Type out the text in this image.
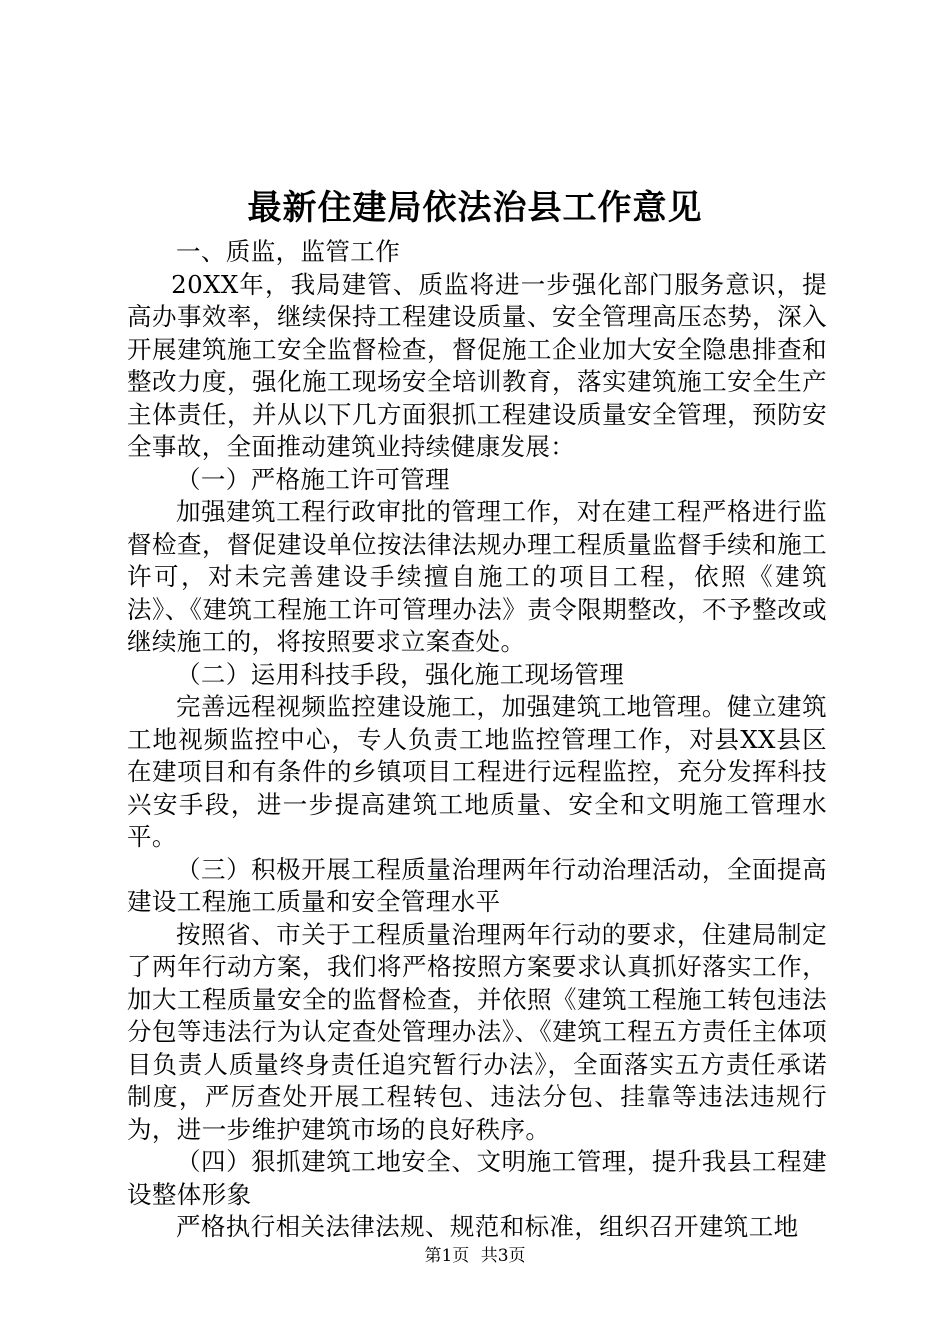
最新住建局依法治县工作意见

一、质监，监管工作

20XX年，我局建管、质监将进一步强化部门服务意识，提高办事效率，继续保持工程建设质量、安全管理高压态势，深入开展建筑施工安全监督检查，督促施工企业加大安全隐患排查和整改力度，强化施工现场安全培训教育，落实建筑施工安全生产主体责任，并从以下几方面狠抓工程建设质量安全管理，预防安全事故，全面推动建筑业持续健康发展：

（一）严格施工许可管理

加强建筑工程行政审批的管理工作，对在建工程严格进行监督检查，督促建设单位按法律法规办理工程质量监督手续和施工许可，对未完善建设手续擅自施工的项目工程，依照《建筑法》、《建筑工程施工许可管理办法》责令限期整改，不予整改或继续施工的，将按照要求立案查处。

（二）运用科技手段，强化施工现场管理

完善远程视频监控建设施工，加强建筑工地管理。健立建筑工地视频监控中心，专人负责工地监控管理工作，对县XX县区在建项目和有条件的乡镇项目工程进行远程监控，充分发挥科技兴安手段，进一步提高建筑工地质量、安全和文明施工管理水平。

（三）积极开展工程质量治理两年行动治理活动，全面提高建设工程施工质量和安全管理水平

按照省、市关于工程质量治理两年行动的要求，住建局制定了两年行动方案，我们将严格按照方案要求认真抓好落实工作，加大工程质量安全的监督检查，并依照《建筑工程施工转包违法分包等违法行为认定查处管理办法》、《建筑工程五方责任主体项目负责人质量终身责任追究暂行办法》，全面落实五方责任承诺制度，严厉查处开展工程转包、违法分包、挂靠等违法违规行为，进一步维护建筑市场的良好秩序。

（四）狠抓建筑工地安全、文明施工管理，提升我县工程建设整体形象

严格执行相关法律法规、规范和标准，组织召开建筑工地

第1页 共3页
